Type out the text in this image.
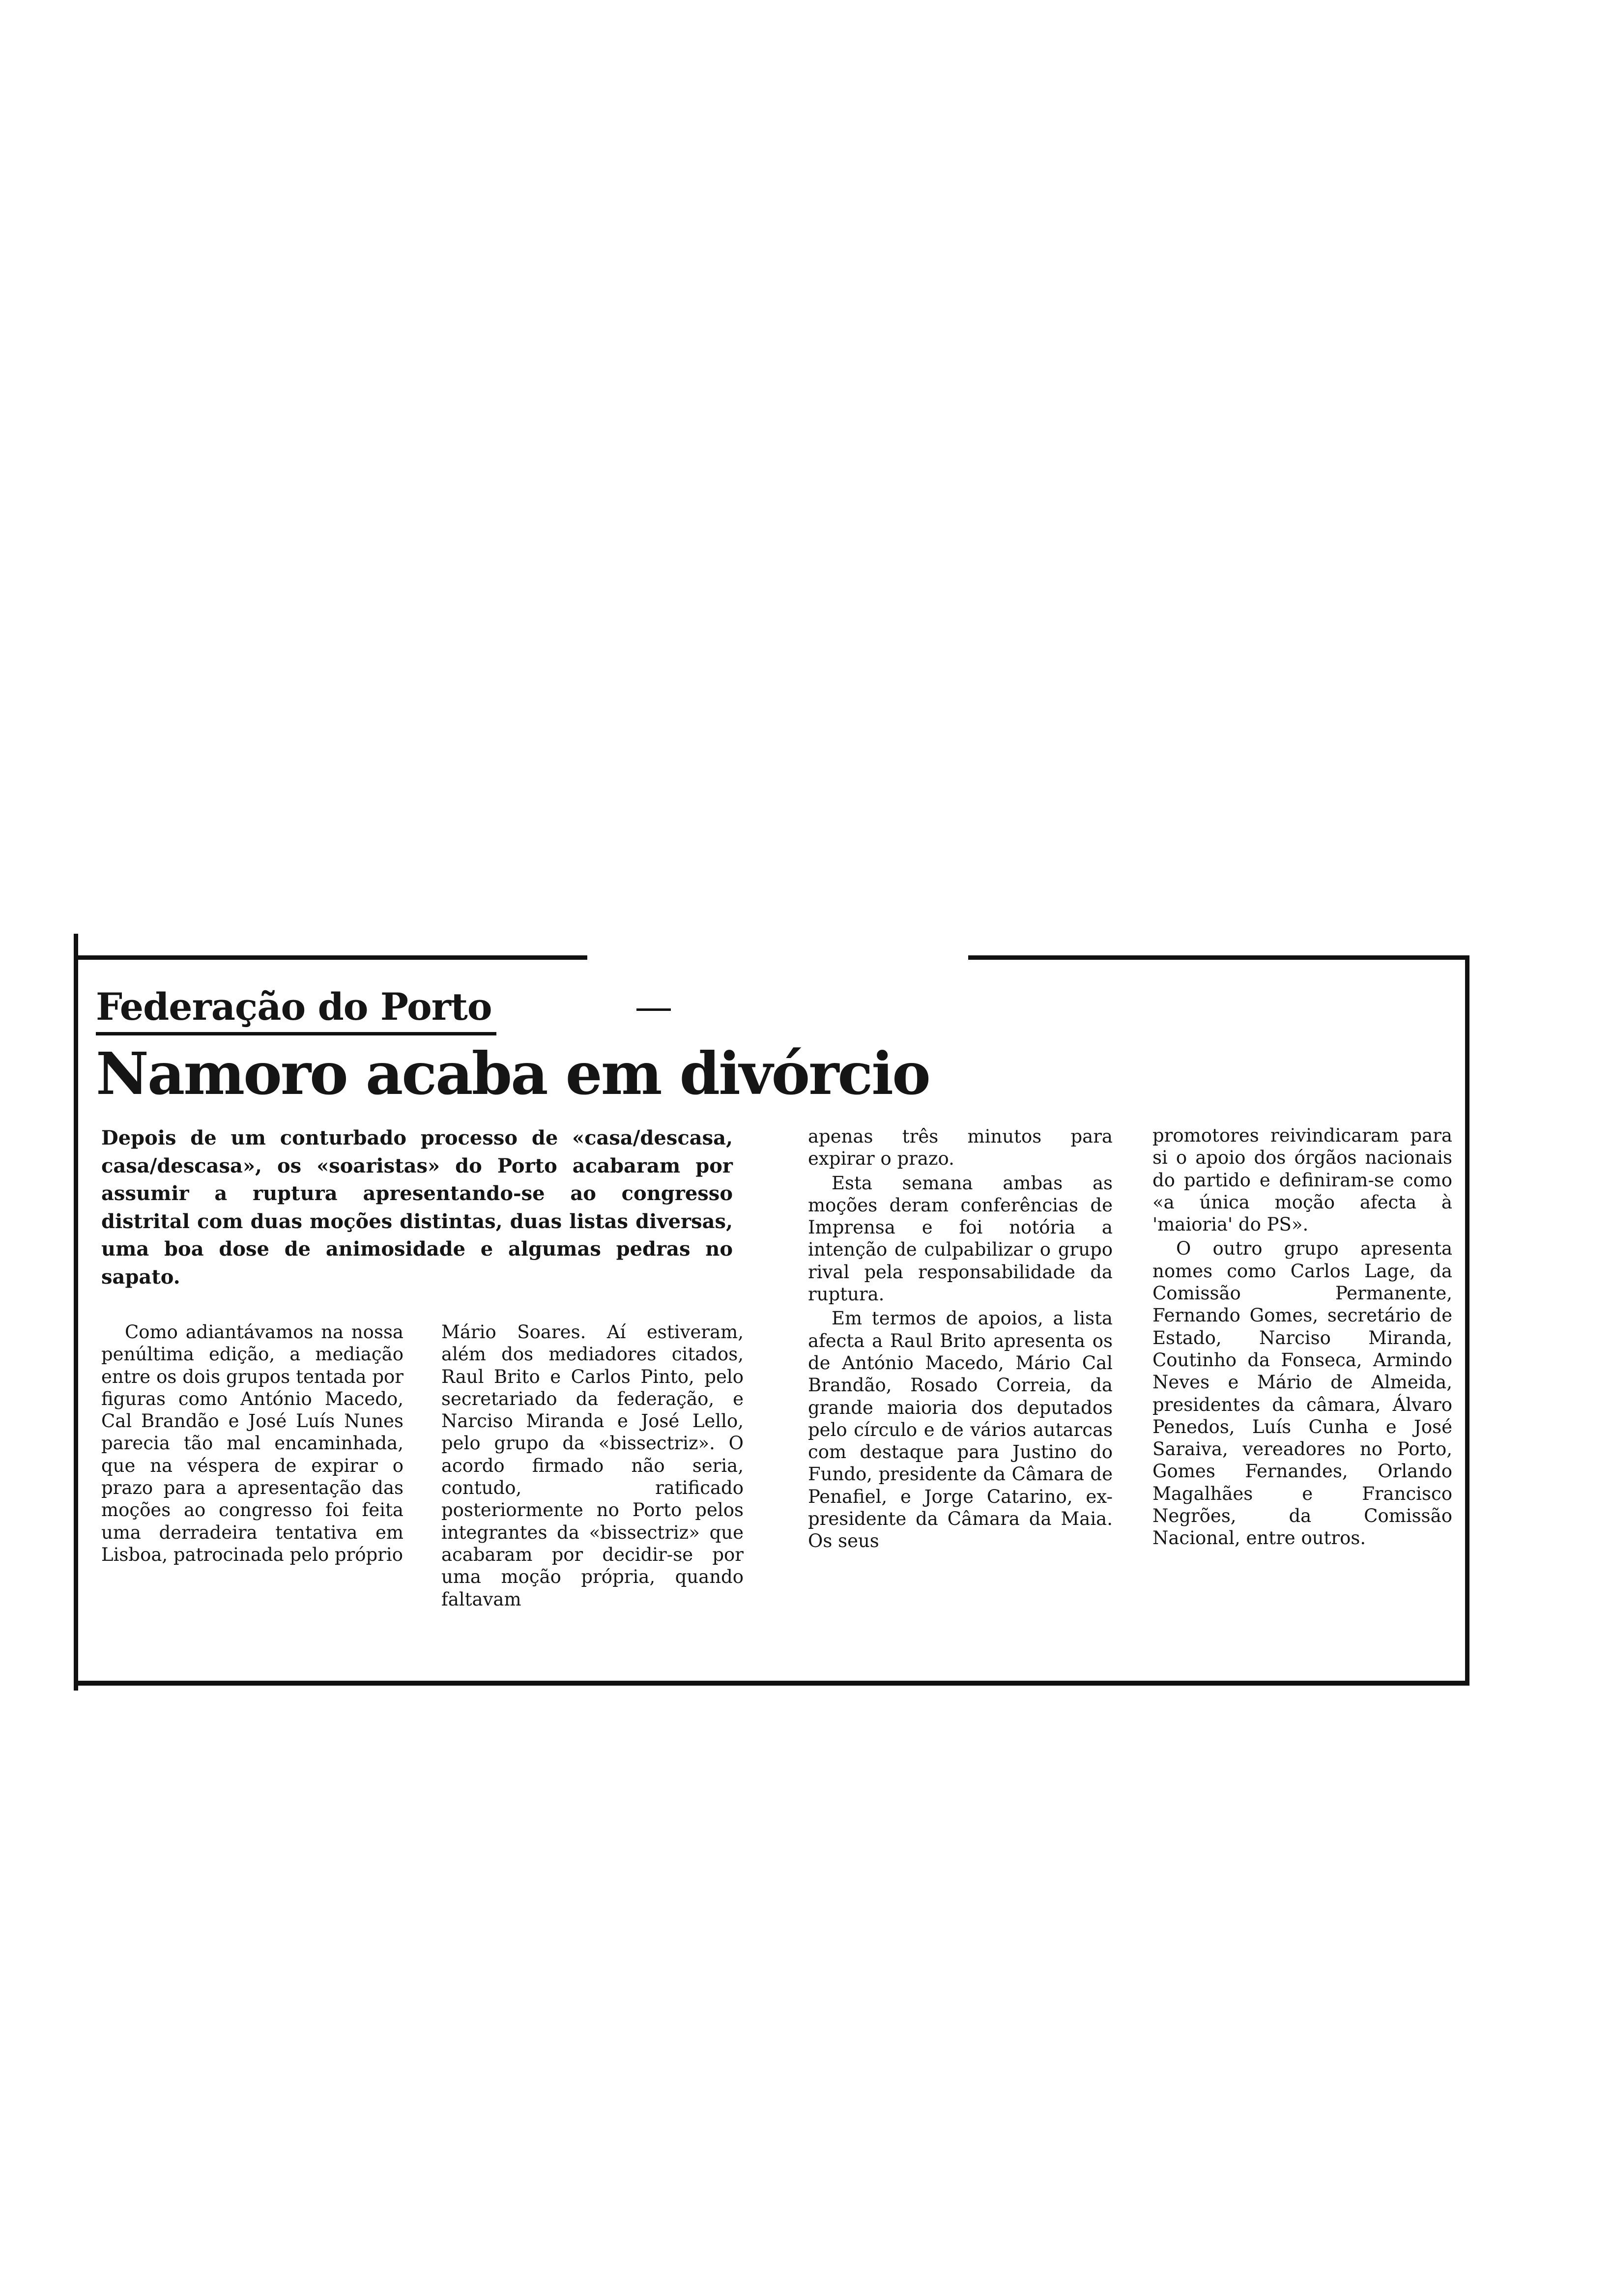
Federação do Porto
Namoro acaba em divórcio
Depois de um conturbado processo de «casa/descasa, casa/descasa», os «soaristas» do Porto acabaram por assumir a ruptura apresentando-se ao congresso distrital com duas moções distintas, duas listas diversas, uma boa dose de animosidade e algumas pedras no sapato.

Como adiantávamos na nossa penúltima edição, a mediação entre os dois grupos tentada por figuras como António Macedo, Cal Brandão e José Luís Nunes parecia tão mal encaminhada, que na véspera de expirar o prazo para a apresentação das moções ao congresso foi feita uma derradeira tentativa em Lisboa, patrocinada pelo próprio

Mário Soares. Aí estiveram, além dos mediadores citados, Raul Brito e Carlos Pinto, pelo secretariado da federação, e Narciso Miranda e José Lello, pelo grupo da «bissectriz». O acordo firmado não seria, contudo, ratificado posteriormente no Porto pelos integrantes da «bissectriz» que acabaram por decidir-se por uma moção própria, quando faltavam

apenas três minutos para expirar o prazo.

Esta semana ambas as moções deram conferências de Imprensa e foi notória a intenção de culpabilizar o grupo rival pela responsabilidade da ruptura.

Em termos de apoios, a lista afecta a Raul Brito apresenta os de António Macedo, Mário Cal Brandão, Rosado Correia, da grande maioria dos deputados pelo círculo e de vários autarcas com destaque para Justino do Fundo, presidente da Câmara de Penafiel, e Jorge Catarino, ex-presidente da Câmara da Maia. Os seus

promotores reivindicaram para si o apoio dos órgãos nacionais do partido e definiram-se como «a única moção afecta à 'maioria' do PS».

O outro grupo apresenta nomes como Carlos Lage, da Comissão Permanente, Fernando Gomes, secretário de Estado, Narciso Miranda, Coutinho da Fonseca, Armindo Neves e Mário de Almeida, presidentes da câmara, Álvaro Penedos, Luís Cunha e José Saraiva, vereadores no Porto, Gomes Fernandes, Orlando Magalhães e Francisco Negrões, da Comissão Nacional, entre outros.
